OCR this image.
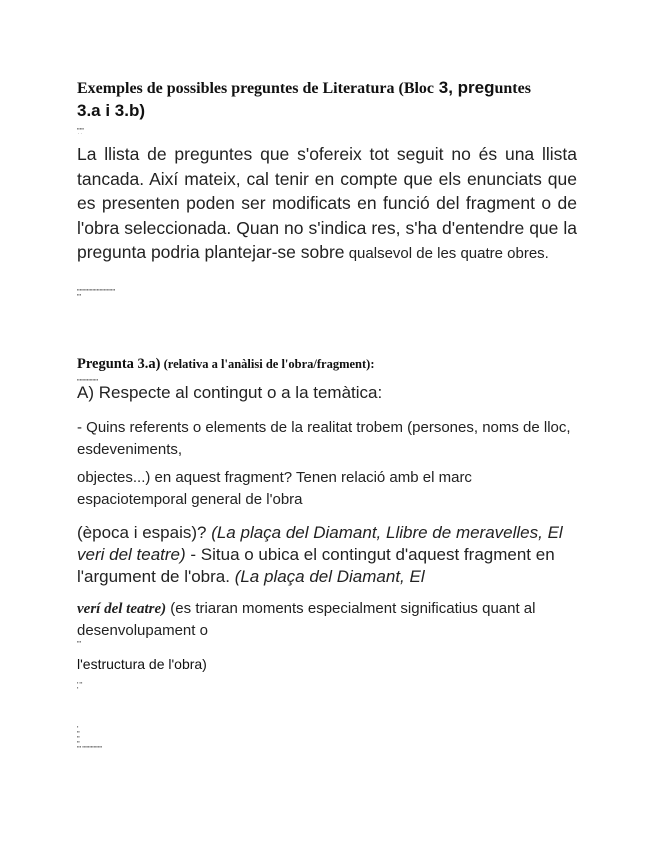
Exemples de possibles preguntes de Literatura (Bloc 3, preguntes
3.a i 3.b)
▪▪▪▪▪
· ·

La llista de preguntes que s'ofereix tot seguit no és una llista tancada. Així mateix, cal tenir en compte que els enunciats que es presenten poden ser modificats en funció del fragment o de l'obra seleccionada. Quan no s'indica res, s'ha d'entendre que la pregunta podria plantejar-se sobre qualsevol de les quatre obres.

▪▪▪▪▪▪▪▪▪▪▪▪▪▪▪▪▪▪▪▪▪▪▪▪▪▪▪
▪▪▪
Pregunta 3.a) (relativa a l'anàlisi de l'obra/fragment):
▪▪▪▪▪▪▪▪▪▪▪▪▪▪▪
A) Respecte al contingut o a la temàtica:

- Quins referents o elements de la realitat trobem (persones, noms de lloc, esdeveniments,

objectes...) en aquest fragment? Tenen relació amb el marc espaciotemporal general de l'obra

(època i espais)? (La plaça del Diamant, Llibre de meravelles, El veri del teatre) - Situa o ubica el contingut d'aquest fragment en l'argument de l'obra. (La plaça del Diamant, El

verí del teatre) (es triaran moments especialment significatius quant al desenvolupament o

▪▪▪

l'estructura de l'obra)

▪ ▪▪
▪
▪
▪▪
▪▪
▪▪
▪▪▪ ▪▪▪▪▪▪▪▪▪▪▪▪▪▪
